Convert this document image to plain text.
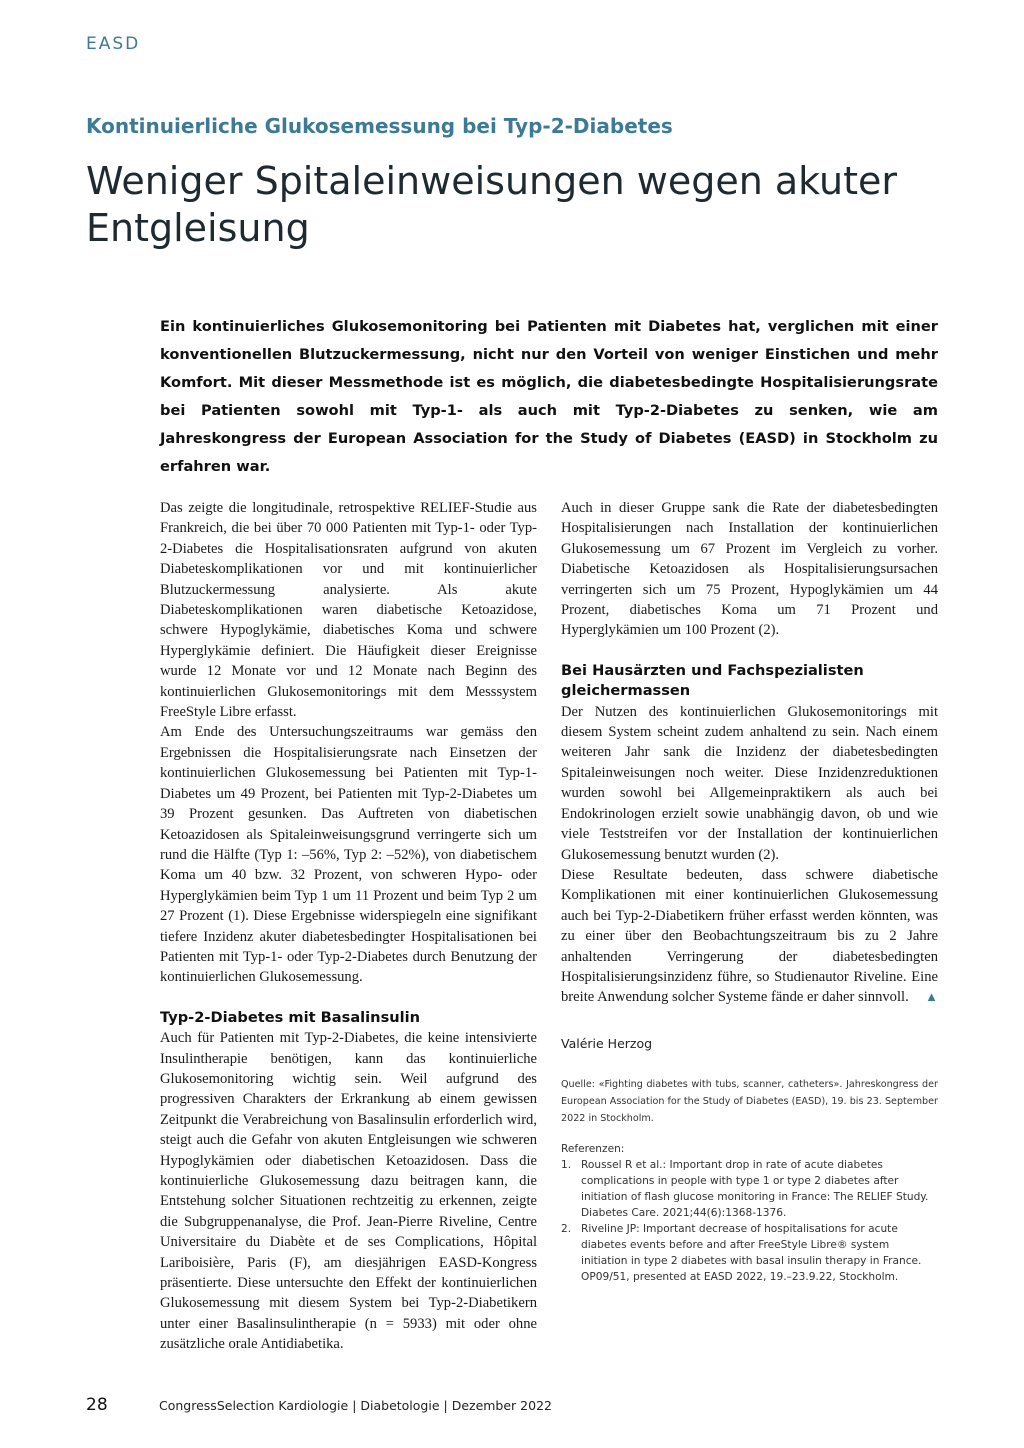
EASD
Kontinuierliche Glukosemessung bei Typ-2-Diabetes
Weniger Spitaleinweisungen wegen akuter Entgleisung

Ein kontinuierliches Glukosemonitoring bei Patienten mit Diabetes hat, verglichen mit einer konventionellen Blutzuckermessung, nicht nur den Vorteil von weniger Einstichen und mehr Komfort. Mit dieser Messmethode ist es möglich, die diabetesbedingte Hospitalisierungsrate bei Patienten sowohl mit Typ-1- als auch mit Typ-2-Diabetes zu senken, wie am Jahreskongress der European Association for the Study of Diabetes (EASD) in Stockholm zu erfahren war.

Das zeigte die longitudinale, retrospektive RELIEF-Studie aus Frankreich, die bei über 70 000 Patienten mit Typ-1- oder Typ-2-Diabetes die Hospitalisationsraten aufgrund von akuten Diabeteskomplikationen vor und mit kontinuierlicher Blutzuckermessung analysierte. Als akute Diabeteskomplikationen waren diabetische Ketoazidose, schwere Hypoglykämie, diabetisches Koma und schwere Hyperglykämie definiert. Die Häufigkeit dieser Ereignisse wurde 12 Monate vor und 12 Monate nach Beginn des kontinuierlichen Glukosemonitorings mit dem Messsystem FreeStyle Libre erfasst.

Am Ende des Untersuchungszeitraums war gemäss den Ergebnissen die Hospitalisierungsrate nach Einsetzen der kontinuierlichen Glukosemessung bei Patienten mit Typ-1-Diabetes um 49 Prozent, bei Patienten mit Typ-2-Diabetes um 39 Prozent gesunken. Das Auftreten von diabetischen Ketoazidosen als Spitaleinweisungsgrund verringerte sich um rund die Hälfte (Typ 1: –56%, Typ 2: –52%), von diabetischem Koma um 40 bzw. 32 Prozent, von schweren Hypo- oder Hyperglykämien beim Typ 1 um 11 Prozent und beim Typ 2 um 27 Prozent (1). Diese Ergebnisse widerspiegeln eine signifikant tiefere Inzidenz akuter diabetesbedingter Hospitalisationen bei Patienten mit Typ-1- oder Typ-2-Diabetes durch Benutzung der kontinuierlichen Glukosemessung.

Typ-2-Diabetes mit Basalinsulin

Auch für Patienten mit Typ-2-Diabetes, die keine intensivierte Insulintherapie benötigen, kann das kontinuierliche Glukosemonitoring wichtig sein. Weil aufgrund des progressiven Charakters der Erkrankung ab einem gewissen Zeitpunkt die Verabreichung von Basalinsulin erforderlich wird, steigt auch die Gefahr von akuten Entgleisungen wie schweren Hypoglykämien oder diabetischen Ketoazidosen. Dass die kontinuierliche Glukosemessung dazu beitragen kann, die Entstehung solcher Situationen rechtzeitig zu erkennen, zeigte die Subgruppenanalyse, die Prof. Jean-Pierre Riveline, Centre Universitaire du Diabète et de ses Complications, Hôpital Lariboisière, Paris (F), am diesjährigen EASD-Kongress präsentierte. Diese untersuchte den Effekt der kontinuierlichen Glukosemessung mit diesem System bei Typ-2-Diabetikern unter einer Basalinsulintherapie (n = 5933) mit oder ohne zusätzliche orale Antidiabetika.

Auch in dieser Gruppe sank die Rate der diabetesbedingten Hospitalisierungen nach Installation der kontinuierlichen Glukosemessung um 67 Prozent im Vergleich zu vorher. Diabetische Ketoazidosen als Hospitalisierungsursachen verringerten sich um 75 Prozent, Hypoglykämien um 44 Prozent, diabetisches Koma um 71 Prozent und Hyperglykämien um 100 Prozent (2).

Bei Hausärzten und Fachspezialisten gleichermassen

Der Nutzen des kontinuierlichen Glukosemonitorings mit diesem System scheint zudem anhaltend zu sein. Nach einem weiteren Jahr sank die Inzidenz der diabetesbedingten Spitaleinweisungen noch weiter. Diese Inzidenzreduktionen wurden sowohl bei Allgemeinpraktikern als auch bei Endokrinologen erzielt sowie unabhängig davon, ob und wie viele Teststreifen vor der Installation der kontinuierlichen Glukosemessung benutzt wurden (2).

Diese Resultate bedeuten, dass schwere diabetische Komplikationen mit einer kontinuierlichen Glukosemessung auch bei Typ-2-Diabetikern früher erfasst werden könnten, was zu einer über den Beobachtungszeitraum bis zu 2 Jahre anhaltenden Verringerung der diabetesbedingten Hospitalisierungsinzidenz führe, so Studienautor Riveline. Eine breite Anwendung solcher Systeme fände er daher sinnvoll. ▲

Valérie Herzog

Quelle: «Fighting diabetes with tubs, scanner, catheters». Jahreskongress der European Association for the Study of Diabetes (EASD), 19. bis 23. September 2022 in Stockholm.

Referenzen:

1. Roussel R et al.: Important drop in rate of acute diabetes complications in people with type 1 or type 2 diabetes after initiation of flash glucose monitoring in France: The RELIEF Study. Diabetes Care. 2021;44(6):1368-1376.
2. Riveline JP: Important decrease of hospitalisations for acute diabetes events before and after FreeStyle Libre® system initiation in type 2 diabetes with basal insulin therapy in France. OP09/51, presented at EASD 2022, 19.–23.9.22, Stockholm.
28	CongressSelection Kardiologie | Diabetologie | Dezember 2022
